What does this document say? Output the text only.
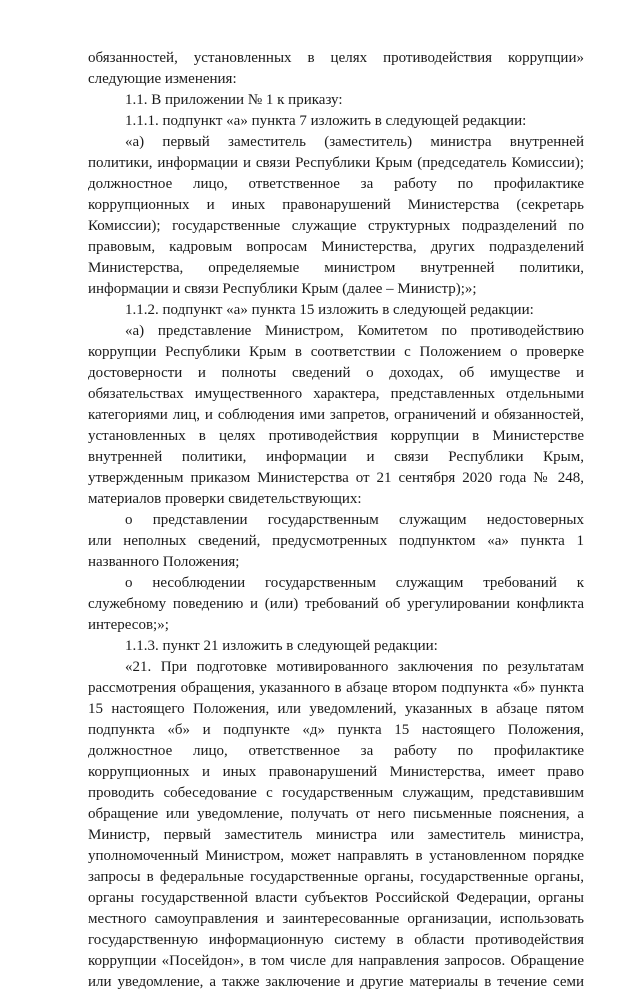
обязанностей, установленных в целях противодействия коррупции»
следующие изменения:
1.1. В приложении № 1 к приказу:
1.1.1. подпункт «а» пункта 7 изложить в следующей редакции:
«а) первый заместитель (заместитель) министра внутренней
политики, информации и связи Республики Крым (председатель Комиссии);
должностное лицо, ответственное за работу по профилактике
коррупционных и иных правонарушений Министерства (секретарь
Комиссии); государственные служащие структурных подразделений по
правовым, кадровым вопросам Министерства, других подразделений
Министерства, определяемые министром внутренней политики,
информации и связи Республики Крым (далее – Министр);»;
1.1.2. подпункт «а» пункта 15 изложить в следующей редакции:
«а) представление Министром, Комитетом по противодействию
коррупции Республики Крым в соответствии с Положением о проверке
достоверности и полноты сведений о доходах, об имуществе и
обязательствах имущественного характера, представленных отдельными
категориями лиц, и соблюдения ими запретов, ограничений и обязанностей,
установленных в целях противодействия коррупции в Министерстве
внутренней политики, информации и связи Республики Крым,
утвержденным приказом Министерства от 21 сентября 2020 года № 248,
материалов проверки свидетельствующих:
о представлении государственным служащим недостоверных
или неполных сведений, предусмотренных подпунктом «а» пункта 1
названного Положения;
о несоблюдении государственным служащим требований к
служебному поведению и (или) требований об урегулировании конфликта
интересов;»;
1.1.3. пункт 21 изложить в следующей редакции:
«21. При подготовке мотивированного заключения по результатам
рассмотрения обращения, указанного в абзаце втором подпункта «б» пункта
15 настоящего Положения, или уведомлений, указанных в абзаце пятом
подпункта «б» и подпункте «д» пункта 15 настоящего Положения,
должностное лицо, ответственное за работу по профилактике
коррупционных и иных правонарушений Министерства, имеет право
проводить собеседование с государственным служащим, представившим
обращение или уведомление, получать от него письменные пояснения, а
Министр, первый заместитель министра или заместитель министра,
уполномоченный Министром, может направлять в установленном порядке
запросы в федеральные государственные органы, государственные органы,
органы государственной власти субъектов Российской Федерации, органы
местного самоуправления и заинтересованные организации, использовать
государственную информационную систему в области противодействия
коррупции «Посейдон», в том числе для направления запросов. Обращение
или уведомление, а также заключение и другие материалы в течение семи
